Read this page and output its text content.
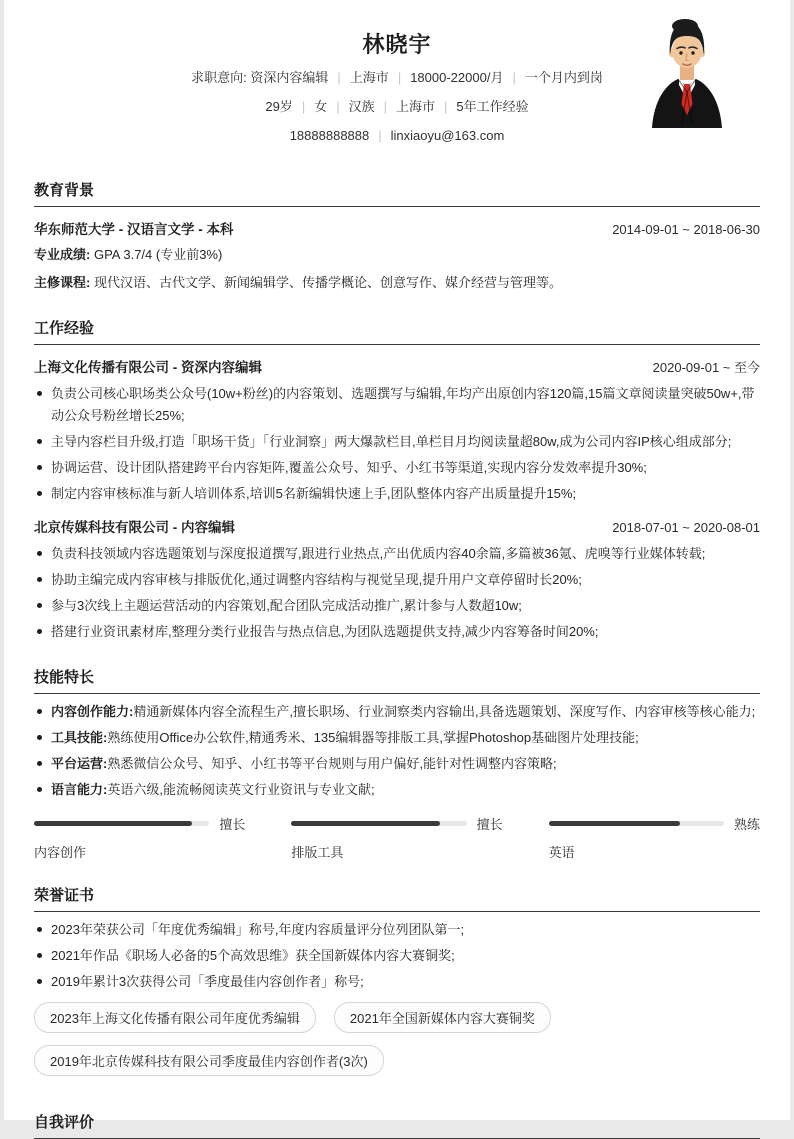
林晓宇
求职意向: 资深内容编辑 | 上海市 | 18000-22000/月 | 一个月内到岗
29岁 | 女 | 汉族 | 上海市 | 5年工作经验
18888888888 | linxiaoyu@163.com
教育背景
华东师范大学 - 汉语言文学 - 本科	2014-09-01 ~ 2018-06-30
专业成绩: GPA 3.7/4 (专业前3%)
主修课程: 现代汉语、古代文学、新闻编辑学、传播学概论、创意写作、媒介经营与管理等。
工作经验
上海文化传播有限公司 - 资深内容编辑	2020-09-01 ~ 至今
负责公司核心职场类公众号(10w+粉丝)的内容策划、选题撰写与编辑,年均产出原创内容120篇,15篇文章阅读量突破50w+,带动公众号粉丝增长25%;
主导内容栏目升级,打造「职场干货」「行业洞察」两大爆款栏目,单栏目月均阅读量超80w,成为公司内容IP核心组成部分;
协调运营、设计团队搭建跨平台内容矩阵,覆盖公众号、知乎、小红书等渠道,实现内容分发效率提升30%;
制定内容审核标准与新人培训体系,培训5名新编辑快速上手,团队整体内容产出质量提升15%;
北京传媒科技有限公司 - 内容编辑	2018-07-01 ~ 2020-08-01
负责科技领域内容选题策划与深度报道撰写,跟进行业热点,产出优质内容40余篇,多篇被36氪、虎嗅等行业媒体转载;
协助主编完成内容审核与排版优化,通过调整内容结构与视觉呈现,提升用户文章停留时长20%;
参与3次线上主题运营活动的内容策划,配合团队完成活动推广,累计参与人数超10w;
搭建行业资讯素材库,整理分类行业报告与热点信息,为团队选题提供支持,减少内容筹备时间20%;
技能特长
内容创作能力:精通新媒体内容全流程生产,擅长职场、行业洞察类内容输出,具备选题策划、深度写作、内容审核等核心能力;
工具技能:熟练使用Office办公软件,精通秀米、135编辑器等排版工具,掌握Photoshop基础图片处理技能;
平台运营:熟悉微信公众号、知乎、小红书等平台规则与用户偏好,能针对性调整内容策略;
语言能力:英语六级,能流畅阅读英文行业资讯与专业文献;
擅长
内容创作
擅长
排版工具
熟练
英语
荣誉证书
2023年荣获公司「年度优秀编辑」称号,年度内容质量评分位列团队第一;
2021年作品《职场人必备的5个高效思维》获全国新媒体内容大赛铜奖;
2019年累计3次获得公司「季度最佳内容创作者」称号;
2023年上海文化传播有限公司年度优秀编辑	2021年全国新媒体内容大赛铜奖
2019年北京传媒科技有限公司季度最佳内容创作者(3次)
自我评价
